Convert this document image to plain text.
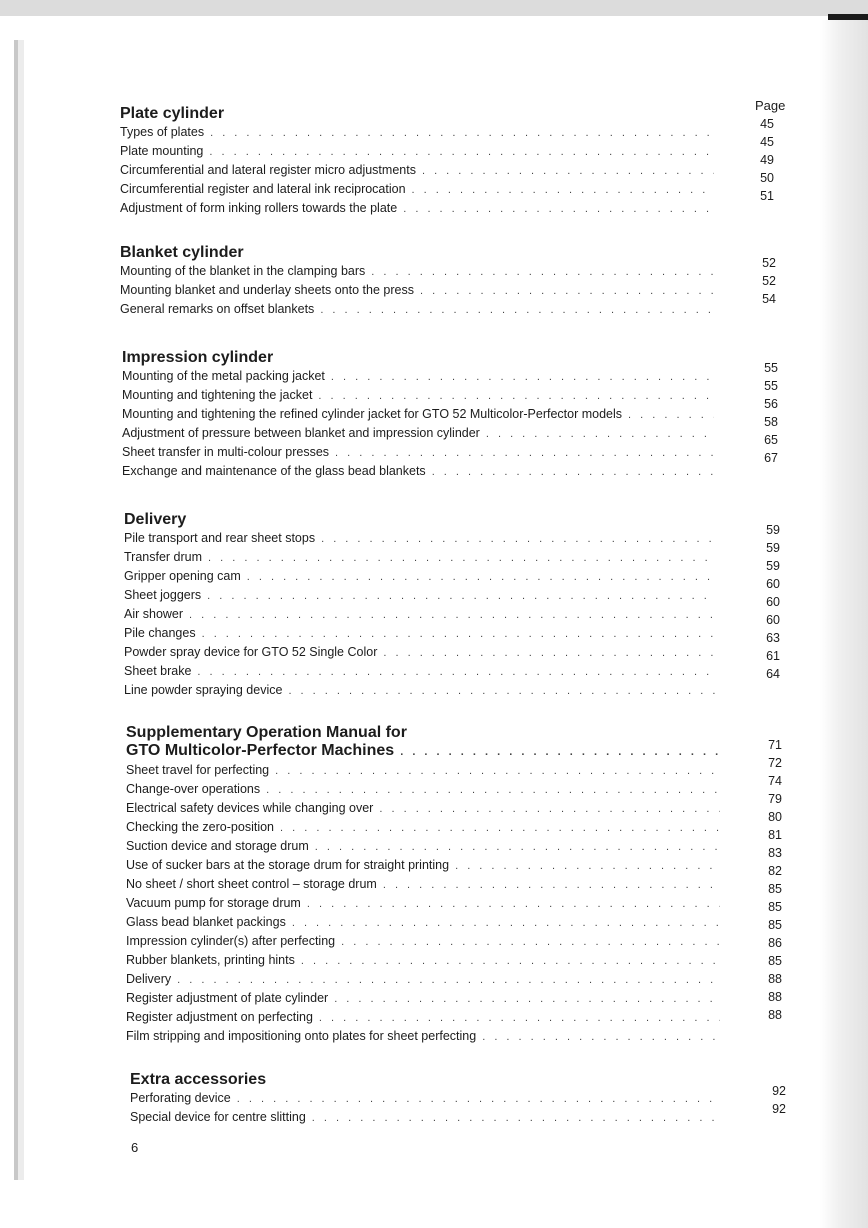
Page
Plate cylinder
Types of plates
. . .
Plate mounting
. . .
Circumferential and lateral register micro adjustments
. . .
Circumferential register and lateral ink reciprocation
. . .
Adjustment of form inking rollers towards the plate
. . .
45
45
49
50
51
Blanket cylinder
Mounting of the blanket in the clamping bars
. . .
Mounting blanket and underlay sheets onto the press
. . .
General remarks on offset blankets
. . .
52
52
54
Impression cylinder
Mounting of the metal packing jacket
. . .
Mounting and tightening the jacket
. . .
Mounting and tightening the refined cylinder jacket for GTO 52 Multicolor-Perfector models
. . .
Adjustment of pressure between blanket and impression cylinder
. . .
Sheet transfer in multi-colour presses
. . .
Exchange and maintenance of the glass bead blankets
. . .
55
55
56
58
65
67
Delivery
Pile transport and rear sheet stops
. . .
Transfer drum
. . .
Gripper opening cam
. . .
Sheet joggers
. . .
Air shower
. . .
Pile changes
. . .
Powder spray device for GTO 52 Single Color
. . .
Sheet brake
. . .
Line powder spraying device
. . .
59
59
59
60
60
60
63
61
64
Supplementary Operation Manual for
GTO Multicolor-Perfector Machines
. . .
Sheet travel for perfecting
. . .
Change-over operations
. . .
Electrical safety devices while changing over
. . .
Checking the zero-position
. . .
Suction device and storage drum
. . .
Use of sucker bars at the storage drum for straight printing
. . .
No sheet / short sheet control – storage drum
. . .
Vacuum pump for storage drum
. . .
Glass bead blanket packings
. . .
Impression cylinder(s) after perfecting
. . .
Rubber blankets, printing hints
. . .
Delivery
. . .
Register adjustment of plate cylinder
. . .
Register adjustment on perfecting
. . .
Film stripping and impositioning onto plates for sheet perfecting
. . .
71
72
74
79
80
81
83
82
85
85
85
86
85
88
88
88
Extra accessories
Perforating device
. . .
Special device for centre slitting
. . .
92
92
6
